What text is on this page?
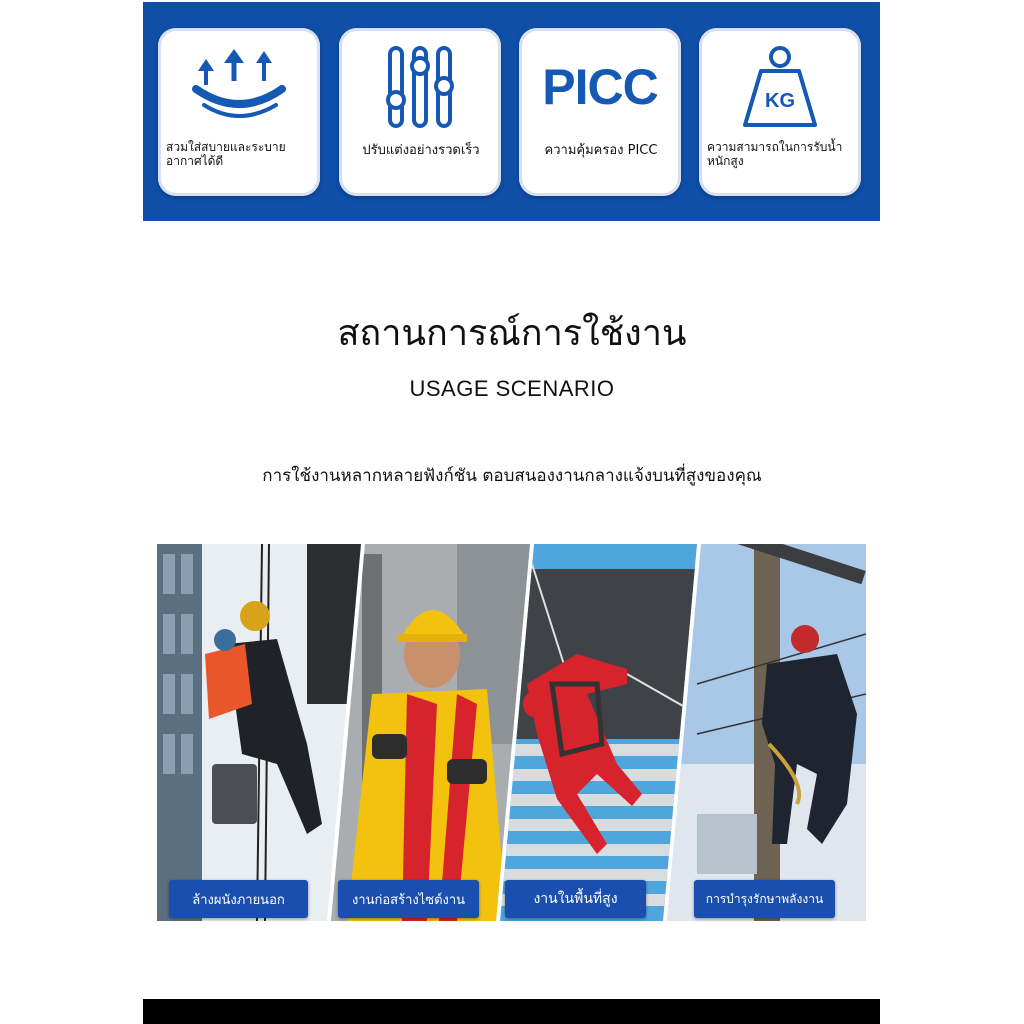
สวมใส่สบายและระบายอากาศได้ดี
ปรับแต่งอย่างรวดเร็ว
PICC
ความคุ้มครอง PICC
KG
ความสามารถในการรับน้ำหนักสูง
สถานการณ์การใช้งาน
USAGE SCENARIO
การใช้งานหลากหลายฟังก์ชัน ตอบสนองงานกลางแจ้งบนที่สูงของคุณ
ล้างผนังภายนอก	งานก่อสร้างไซต์งาน	งานในพื้นที่สูง	การบำรุงรักษาพลังงาน
